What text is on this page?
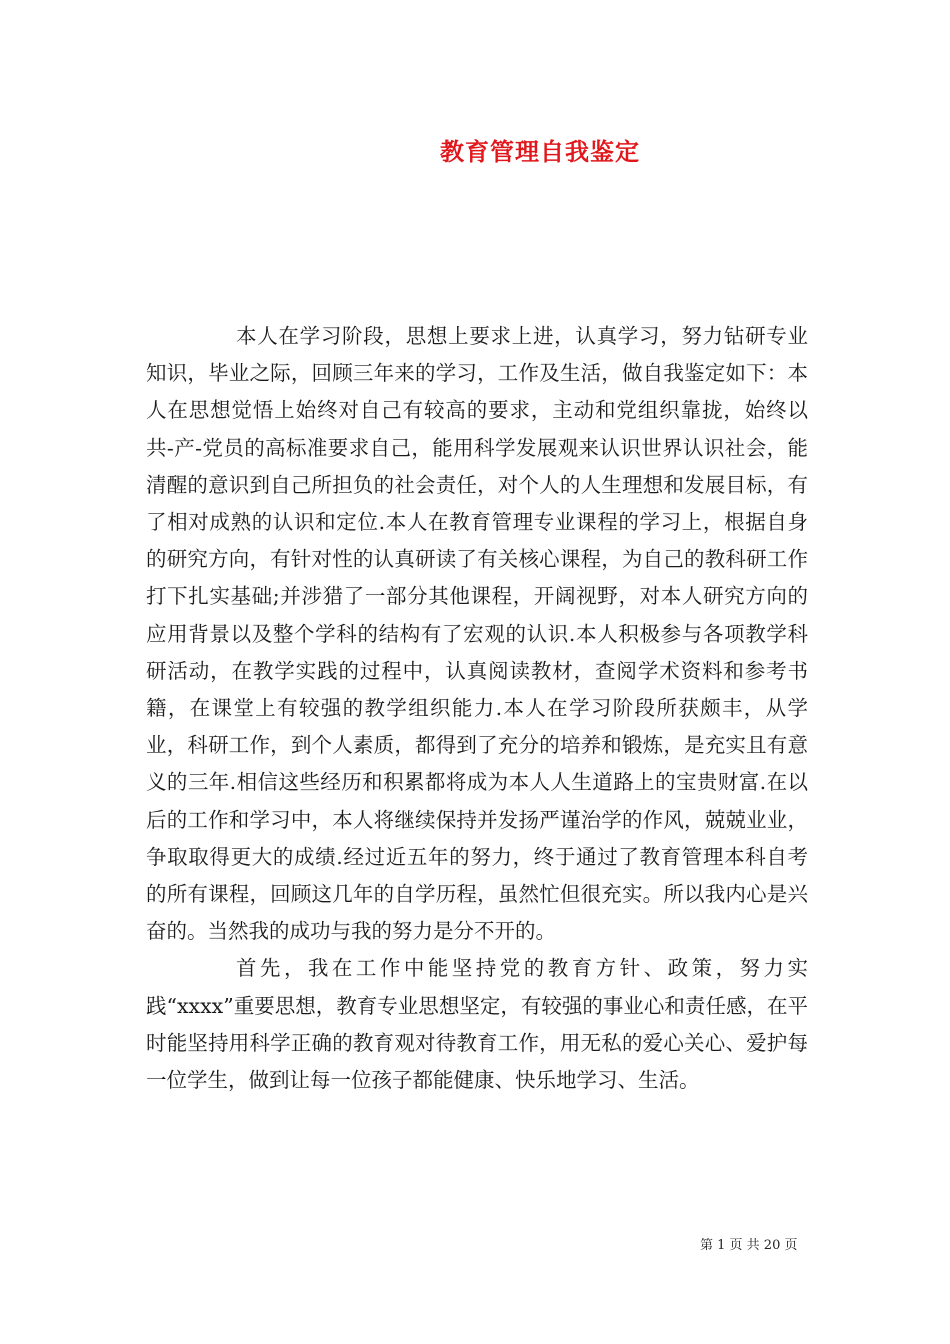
教育管理自我鉴定

本人在学习阶段，思想上要求上进，认真学习，努力钻研专业知识，毕业之际，回顾三年来的学习，工作及生活，做自我鉴定如下：本人在思想觉悟上始终对自己有较高的要求，主动和党组织靠拢，始终以共-产-党员的高标准要求自己，能用科学发展观来认识世界认识社会，能清醒的意识到自己所担负的社会责任，对个人的人生理想和发展目标，有了相对成熟的认识和定位.本人在教育管理专业课程的学习上，根据自身的研究方向，有针对性的认真研读了有关核心课程，为自己的教科研工作打下扎实基础;并涉猎了一部分其他课程，开阔视野，对本人研究方向的应用背景以及整个学科的结构有了宏观的认识.本人积极参与各项教学科研活动，在教学实践的过程中，认真阅读教材，查阅学术资料和参考书籍，在课堂上有较强的教学组织能力.本人在学习阶段所获颇丰，从学业，科研工作，到个人素质，都得到了充分的培养和锻炼，是充实且有意义的三年.相信这些经历和积累都将成为本人人生道路上的宝贵财富.在以后的工作和学习中，本人将继续保持并发扬严谨治学的作风，兢兢业业，争取取得更大的成绩.经过近五年的努力，终于通过了教育管理本科自考的所有课程，回顾这几年的自学历程，虽然忙但很充实。所以我内心是兴奋的。当然我的成功与我的努力是分不开的。

首先，我在工作中能坚持党的教育方针、政策，努力实践“xxxx”重要思想，教育专业思想坚定，有较强的事业心和责任感，在平时能坚持用科学正确的教育观对待教育工作，用无私的爱心关心、爱护每一位学生，做到让每一位孩子都能健康、快乐地学习、生活。

第 1 页 共 20 页
